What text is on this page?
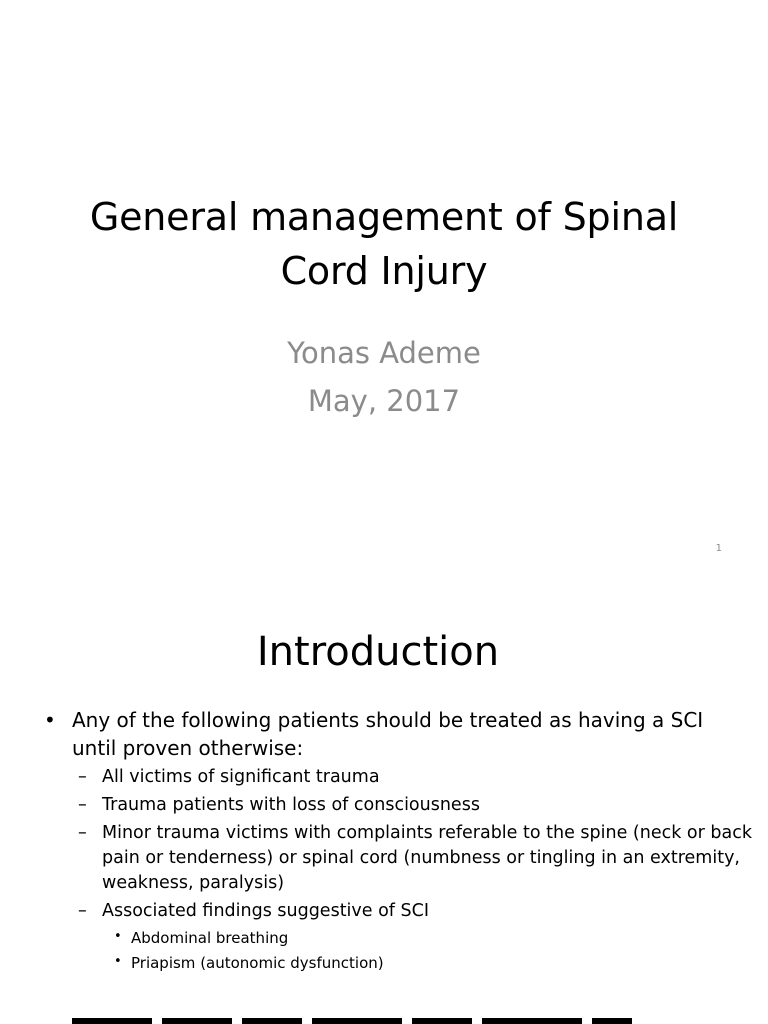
General management of Spinal Cord Injury
Yonas Ademe
May, 2017
1
Introduction
• Any of the following patients should be treated as having a SCI until proven otherwise:
– All victims of significant trauma
– Trauma patients with loss of consciousness
– Minor trauma victims with complaints referable to the spine (neck or back pain or tenderness) or spinal cord (numbness or tingling in an extremity, weakness, paralysis)
– Associated findings suggestive of SCI
• Abdominal breathing
• Priapism (autonomic dysfunction)
